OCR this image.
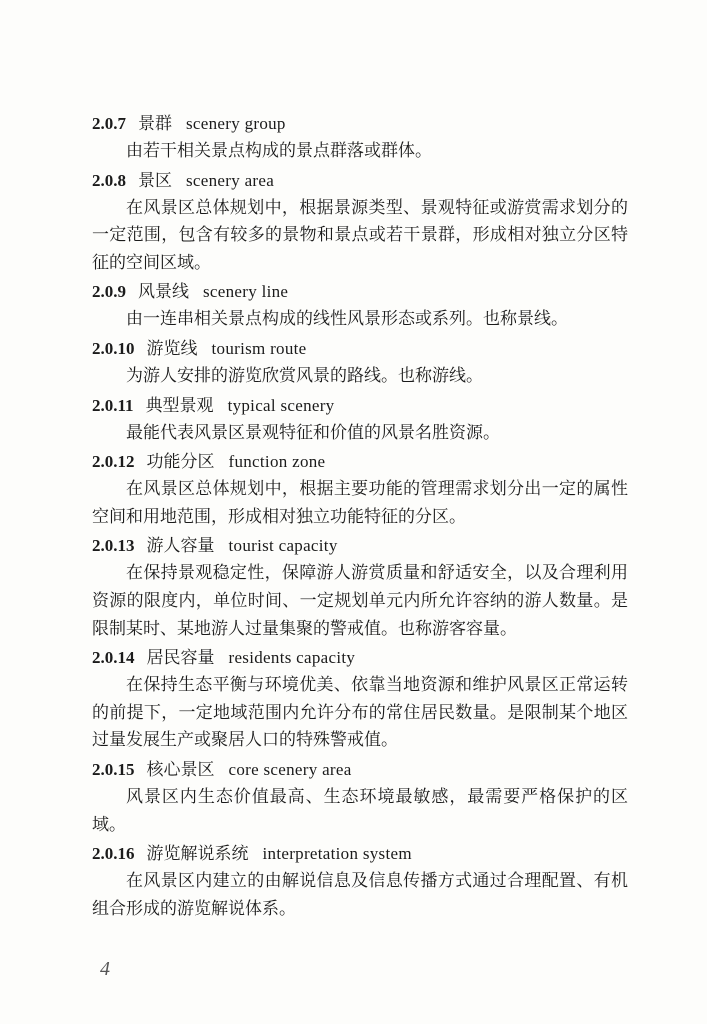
2.0.7 景群 scenery group

由若干相关景点构成的景点群落或群体。

2.0.8 景区 scenery area

在风景区总体规划中，根据景源类型、景观特征或游赏需求划分的一定范围，包含有较多的景物和景点或若干景群，形成相对独立分区特征的空间区域。

2.0.9 风景线 scenery line

由一连串相关景点构成的线性风景形态或系列。也称景线。

2.0.10 游览线 tourism route

为游人安排的游览欣赏风景的路线。也称游线。

2.0.11 典型景观 typical scenery

最能代表风景区景观特征和价值的风景名胜资源。

2.0.12 功能分区 function zone

在风景区总体规划中，根据主要功能的管理需求划分出一定的属性空间和用地范围，形成相对独立功能特征的分区。

2.0.13 游人容量 tourist capacity

在保持景观稳定性，保障游人游赏质量和舒适安全，以及合理利用资源的限度内，单位时间、一定规划单元内所允许容纳的游人数量。是限制某时、某地游人过量集聚的警戒值。也称游客容量。

2.0.14 居民容量 residents capacity

在保持生态平衡与环境优美、依靠当地资源和维护风景区正常运转的前提下，一定地域范围内允许分布的常住居民数量。是限制某个地区过量发展生产或聚居人口的特殊警戒值。

2.0.15 核心景区 core scenery area

风景区内生态价值最高、生态环境最敏感，最需要严格保护的区域。

2.0.16 游览解说系统 interpretation system

在风景区内建立的由解说信息及信息传播方式通过合理配置、有机组合形成的游览解说体系。

4
